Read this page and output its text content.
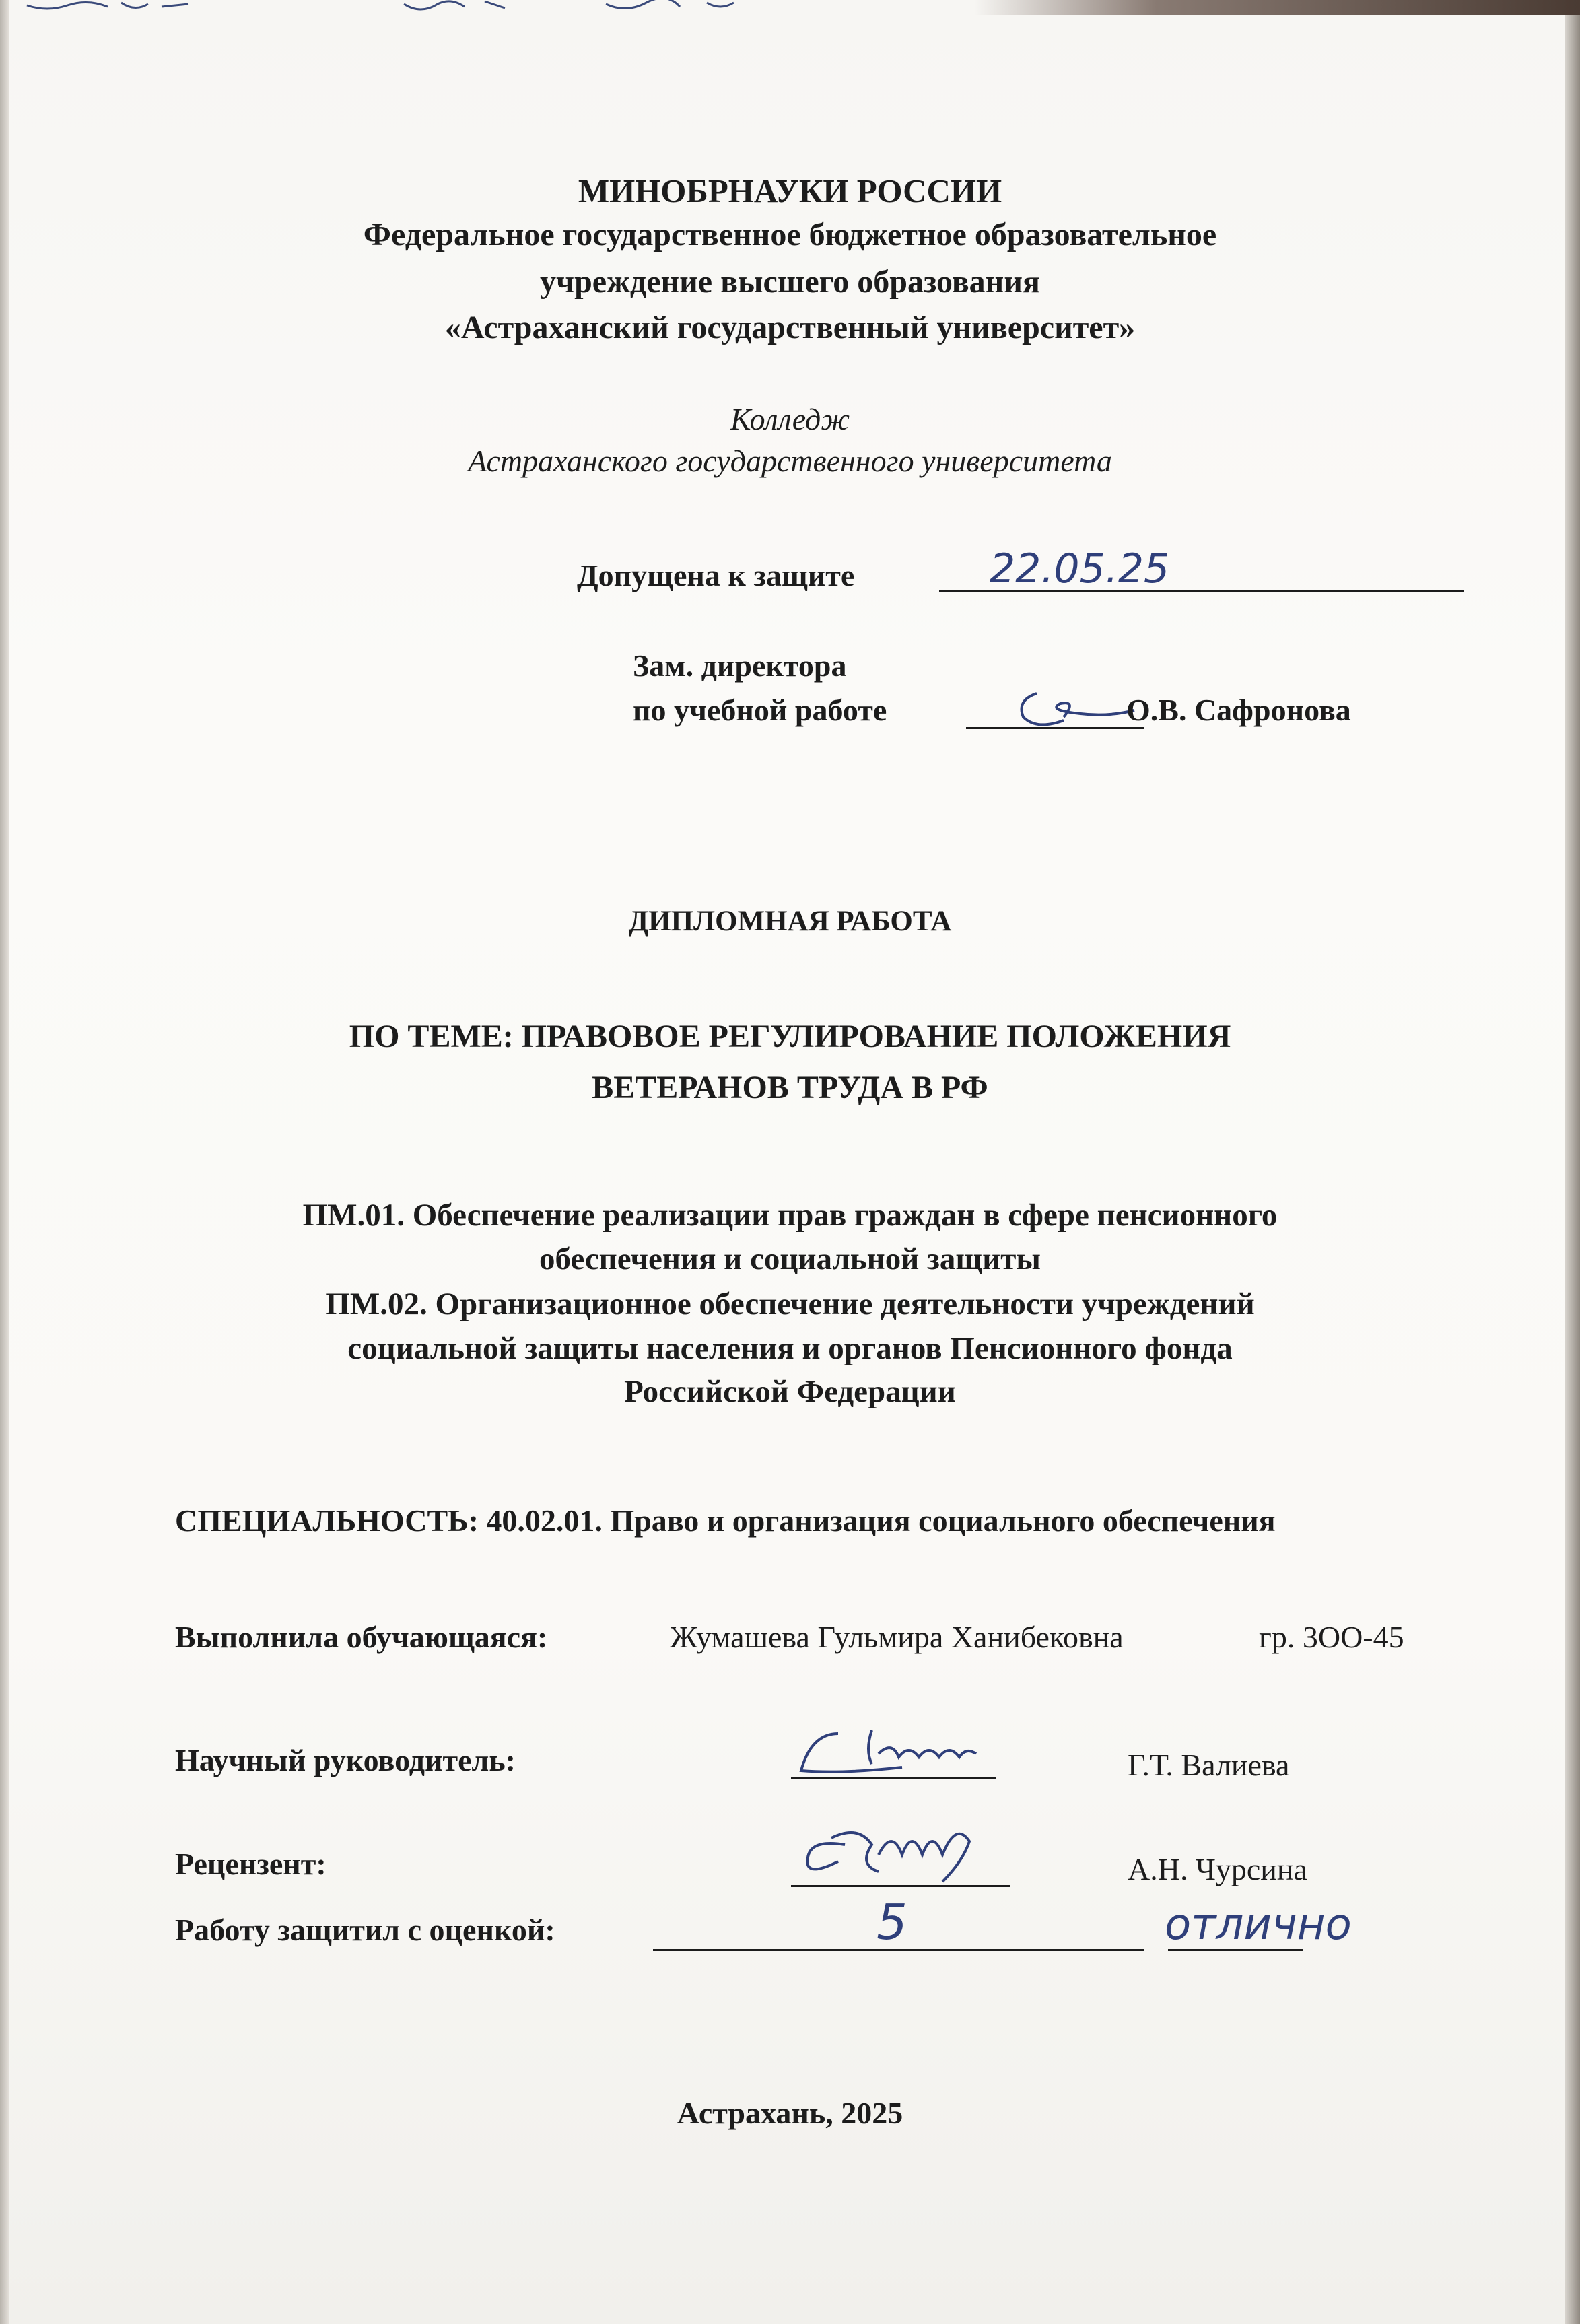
МИНОБРНАУКИ РОССИИ
Федеральное государственное бюджетное образовательное
учреждение высшего образования
«Астраханский государственный университет»
Колледж
Астраханского государственного университета
Допущена к защите	22.05.25
Зам. директора
по учебной работе	О.В. Сафронова
ДИПЛОМНАЯ РАБОТА
ПО ТЕМЕ: ПРАВОВОЕ РЕГУЛИРОВАНИЕ ПОЛОЖЕНИЯ
ВЕТЕРАНОВ ТРУДА В РФ
ПМ.01. Обеспечение реализации прав граждан в сфере пенсионного
обеспечения и социальной защиты
ПМ.02. Организационное обеспечение деятельности учреждений
социальной защиты населения и органов Пенсионного фонда
Российской Федерации
СПЕЦИАЛЬНОСТЬ: 40.02.01. Право и организация социального обеспечения
Выполнила обучающаяся:	Жумашева Гульмира Ханибековна	гр. 3ОО-45
Научный руководитель:	Г.Т. Валиева
Рецензент:	А.Н. Чурсина
Работу защитил с оценкой:	5	отлично
Астрахань, 2025
